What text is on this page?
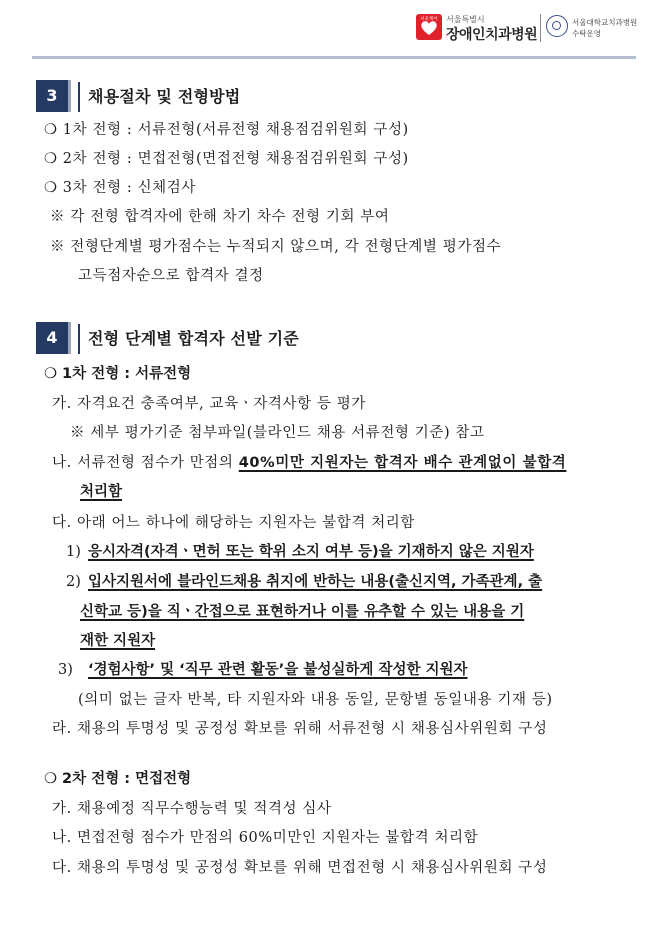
서울케어 서울특별시
장애인치과병원
서울대학교치과병원
수탁운영
3	채용절차 및 전형방법
❍ 1차 전형 : 서류전형(서류전형 채용점검위원회 구성)
❍ 2차 전형 : 면접전형(면접전형 채용점검위원회 구성)
❍ 3차 전형 : 신체검사
※ 각 전형 합격자에 한해 차기 차수 전형 기회 부여
※ 전형단계별 평가점수는 누적되지 않으며, 각 전형단계별 평가점수
고득점자순으로 합격자 결정
4	전형 단계별 합격자 선발 기준
❍ 1차 전형 : 서류전형
가. 자격요건 충족여부, 교육ㆍ자격사항 등 평가
※ 세부 평가기준 첨부파일(블라인드 채용 서류전형 기준) 참고
나. 서류전형 점수가 만점의 40%미만 지원자는 합격자 배수 관계없이 불합격
처리함
다. 아래 어느 하나에 해당하는 지원자는 불합격 처리함
1) 응시자격(자격ㆍ면허 또는 학위 소지 여부 등)을 기재하지 않은 지원자
2) 입사지원서에 블라인드채용 취지에 반하는 내용(출신지역, 가족관계, 출
신학교 등)을 직ㆍ간접으로 표현하거나 이를 유추할 수 있는 내용을 기
재한 지원자
3) ‘경험사항’ 및 ‘직무 관련 활동’을 불성실하게 작성한 지원자
(의미 없는 글자 반복, 타 지원자와 내용 동일, 문항별 동일내용 기재 등)
라. 채용의 투명성 및 공정성 확보를 위해 서류전형 시 채용심사위원회 구성
❍ 2차 전형 : 면접전형
가. 채용예정 직무수행능력 및 적격성 심사
나. 면접전형 점수가 만점의 60%미만인 지원자는 불합격 처리함
다. 채용의 투명성 및 공정성 확보를 위해 면접전형 시 채용심사위원회 구성
